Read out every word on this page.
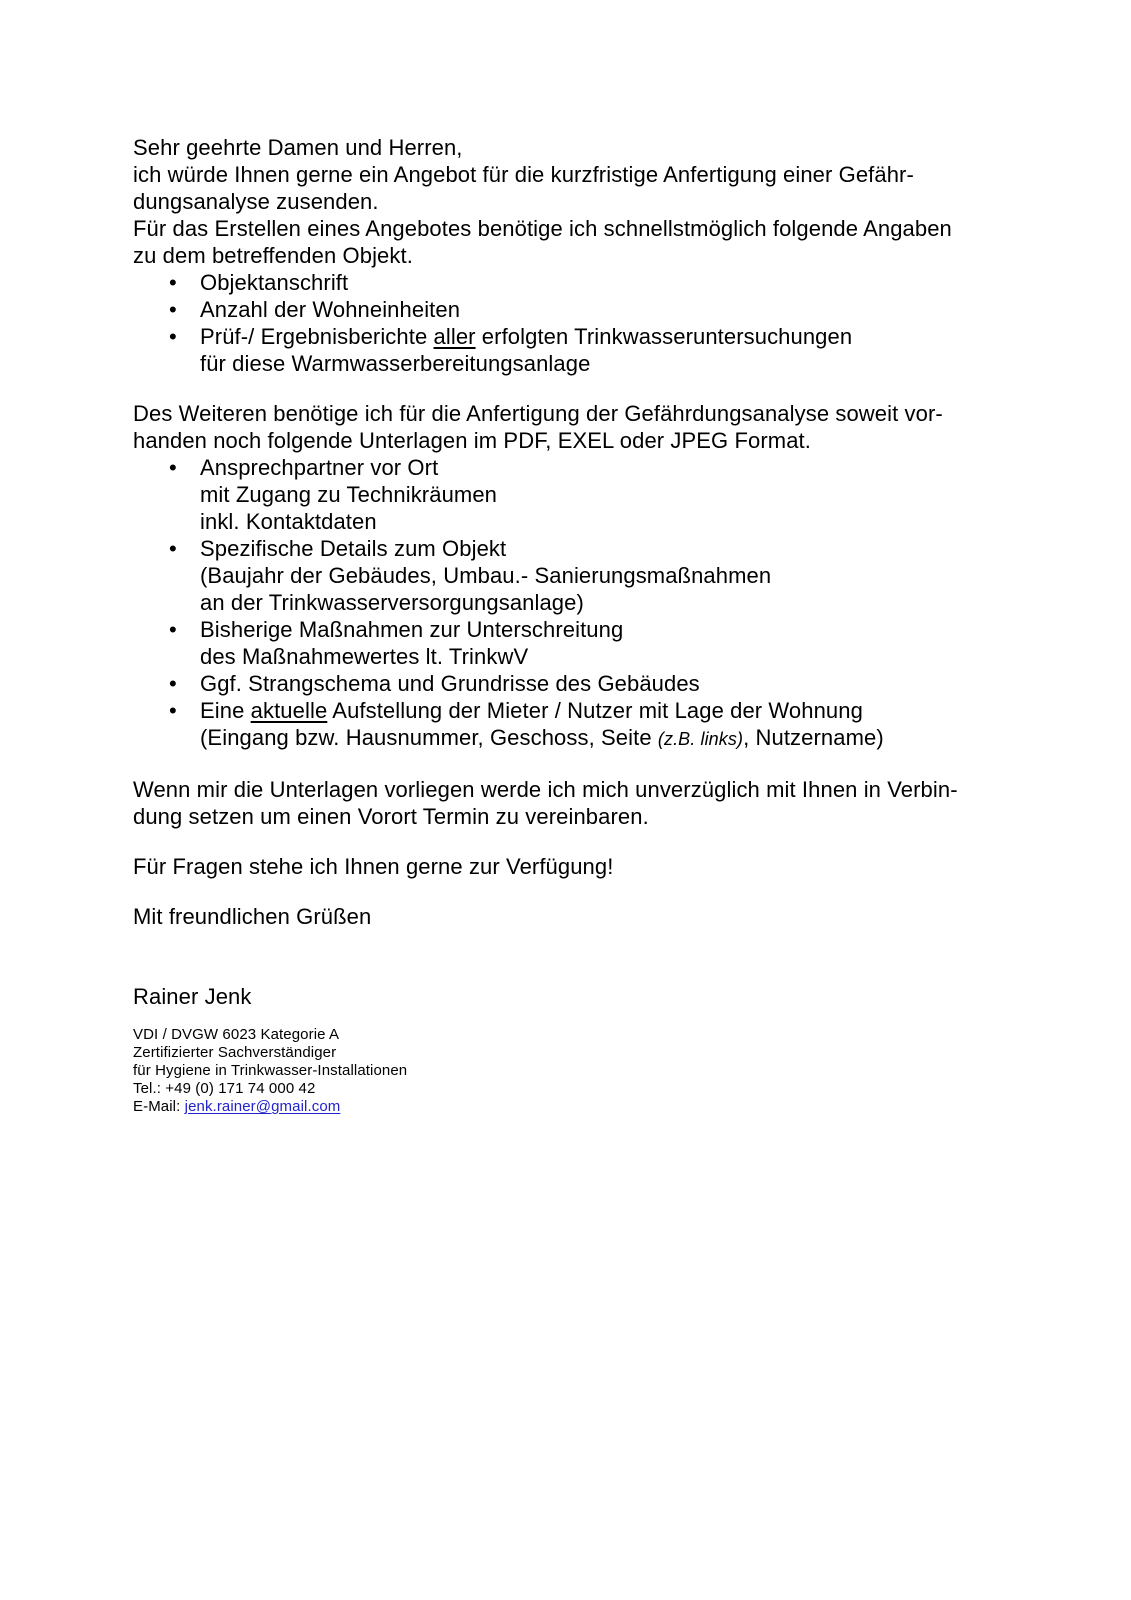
Sehr geehrte Damen und Herren,
ich würde Ihnen gerne ein Angebot für die kurzfristige Anfertigung einer Gefähr-
dungsanalyse zusenden.
Für das Erstellen eines Angebotes benötige ich schnellstmöglich folgende Angaben
zu dem betreffenden Objekt.
• Objektanschrift
• Anzahl der Wohneinheiten
• Prüf-/ Ergebnisberichte aller erfolgten Trinkwasseruntersuchungen
für diese Warmwasserbereitungsanlage
Des Weiteren benötige ich für die Anfertigung der Gefährdungsanalyse soweit vor-
handen noch folgende Unterlagen im PDF, EXEL oder JPEG Format.
• Ansprechpartner vor Ort
mit Zugang zu Technikräumen
inkl. Kontaktdaten
• Spezifische Details zum Objekt
(Baujahr der Gebäudes, Umbau.- Sanierungsmaßnahmen
an der Trinkwasserversorgungsanlage)
• Bisherige Maßnahmen zur Unterschreitung
des Maßnahmewertes lt. TrinkwV
• Ggf. Strangschema und Grundrisse des Gebäudes
• Eine aktuelle Aufstellung der Mieter / Nutzer mit Lage der Wohnung
(Eingang bzw. Hausnummer, Geschoss, Seite (z.B. links), Nutzername)
Wenn mir die Unterlagen vorliegen werde ich mich unverzüglich mit Ihnen in Verbin-
dung setzen um einen Vorort Termin zu vereinbaren.
Für Fragen stehe ich Ihnen gerne zur Verfügung!
Mit freundlichen Grüßen
Rainer Jenk
VDI / DVGW 6023 Kategorie A
Zertifizierter Sachverständiger
für Hygiene in Trinkwasser-Installationen
Tel.: +49 (0) 171 74 000 42
E-Mail: jenk.rainer@gmail.com
